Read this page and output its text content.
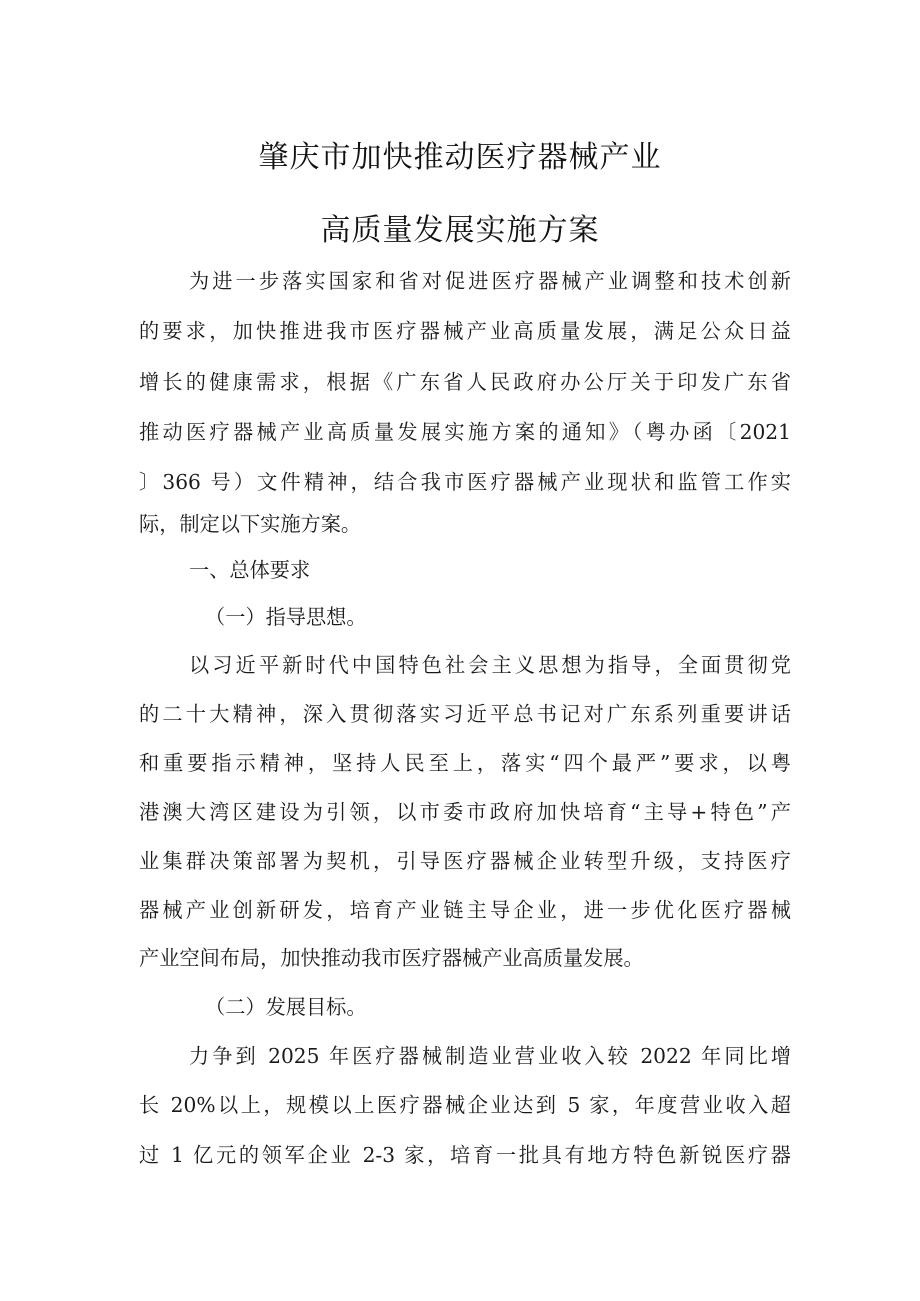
肇庆市加快推动医疗器械产业
高质量发展实施方案
为进一步落实国家和省对促进医疗器械产业调整和技术创新
的要求，加快推进我市医疗器械产业高质量发展，满足公众日益
增长的健康需求，根据《广东省人民政府办公厅关于印发广东省
推动医疗器械产业高质量发展实施方案的通知》（粤办函〔2021
〕366 号）文件精神，结合我市医疗器械产业现状和监管工作实
际，制定以下实施方案。
一、总体要求
（一）指导思想。
以习近平新时代中国特色社会主义思想为指导，全面贯彻党
的二十大精神，深入贯彻落实习近平总书记对广东系列重要讲话
和重要指示精神，坚持人民至上，落实“四个最严”要求，以粤
港澳大湾区建设为引领，以市委市政府加快培育“主导+特色”产
业集群决策部署为契机，引导医疗器械企业转型升级，支持医疗
器械产业创新研发，培育产业链主导企业，进一步优化医疗器械
产业空间布局，加快推动我市医疗器械产业高质量发展。
（二）发展目标。
力争到 2025 年医疗器械制造业营业收入较 2022 年同比增
长 20%以上，规模以上医疗器械企业达到 5 家，年度营业收入超
过 1 亿元的领军企业 2-3 家，培育一批具有地方特色新锐医疗器
